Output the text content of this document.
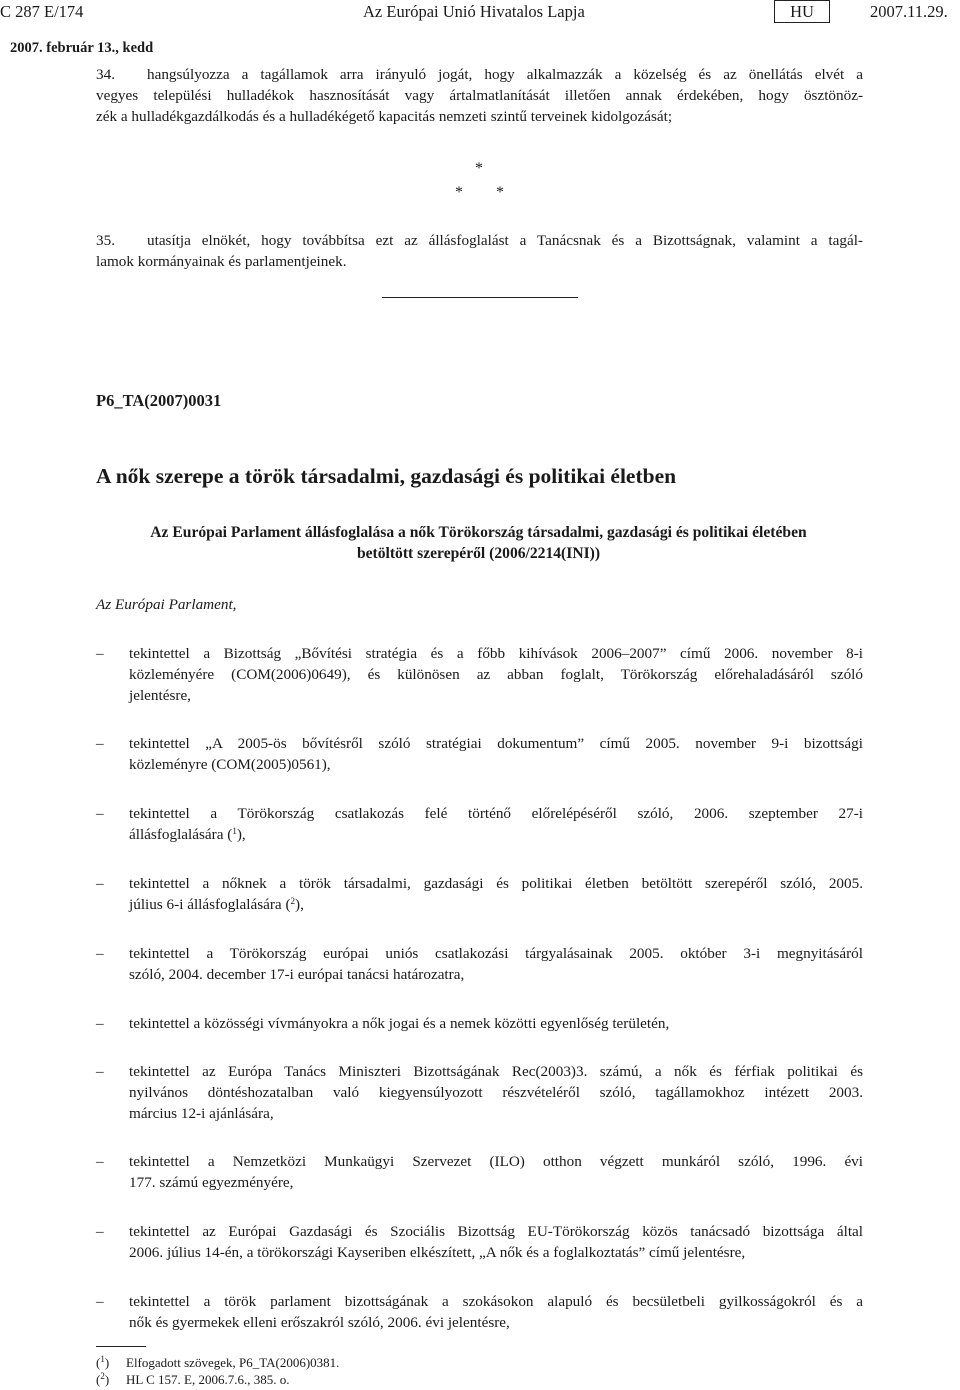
C 287 E/174	Az Európai Unió Hivatalos Lapja	HU	2007.11.29.
2007. február 13., kedd
34. hangsúlyozza a tagállamok arra irányuló jogát, hogy alkalmazzák a közelség és az önellátás elvét a
vegyes települési hulladékok hasznosítását vagy ártalmatlanítását illetően annak érdekében, hogy ösztönöz-
zék a hulladékgazdálkodás és a hulladékégető kapacitás nemzeti szintű terveinek kidolgozását;
*
* *
35. utasítja elnökét, hogy továbbítsa ezt az állásfoglalást a Tanácsnak és a Bizottságnak, valamint a tagál-
lamok kormányainak és parlamentjeinek.
P6_TA(2007)0031
A nők szerepe a török társadalmi, gazdasági és politikai életben
Az Európai Parlament állásfoglalása a nők Törökország társadalmi, gazdasági és politikai életében
betöltött szerepéről (2006/2214(INI))
Az Európai Parlament,
– tekintettel a Bizottság „Bővítési stratégia és a főbb kihívások 2006–2007” című 2006. november 8-i
közleményére (COM(2006)0649), és különösen az abban foglalt, Törökország előrehaladásáról szóló
jelentésre,
– tekintettel „A 2005-ös bővítésről szóló stratégiai dokumentum” című 2005. november 9-i bizottsági
közleményre (COM(2005)0561),
– tekintettel a Törökország csatlakozás felé történő előrelépéséről szóló, 2006. szeptember 27-i
állásfoglalására ($^1$),
– tekintettel a nőknek a török társadalmi, gazdasági és politikai életben betöltött szerepéről szóló, 2005.
július 6-i állásfoglalására ($^2$),
– tekintettel a Törökország európai uniós csatlakozási tárgyalásainak 2005. október 3-i megnyitásáról
szóló, 2004. december 17-i európai tanácsi határozatra,
– tekintettel a közösségi vívmányokra a nők jogai és a nemek közötti egyenlőség területén,
– tekintettel az Európa Tanács Miniszteri Bizottságának Rec(2003)3. számú, a nők és férfiak politikai és
nyilvános döntéshozatalban való kiegyensúlyozott részvételéről szóló, tagállamokhoz intézett 2003.
március 12-i ajánlására,
– tekintettel a Nemzetközi Munkaügyi Szervezet (ILO) otthon végzett munkáról szóló, 1996. évi
177. számú egyezményére,
– tekintettel az Európai Gazdasági és Szociális Bizottság EU-Törökország közös tanácsadó bizottsága által
2006. július 14-én, a törökországi Kayseriben elkészített, „A nők és a foglalkoztatás” című jelentésre,
– tekintettel a török parlament bizottságának a szokásokon alapuló és becsületbeli gyilkosságokról és a
nők és gyermekek elleni erőszakról szóló, 2006. évi jelentésre,
($^1$) Elfogadott szövegek, P6_TA(2006)0381.
($^2$) HL C 157. E, 2006.7.6., 385. o.
